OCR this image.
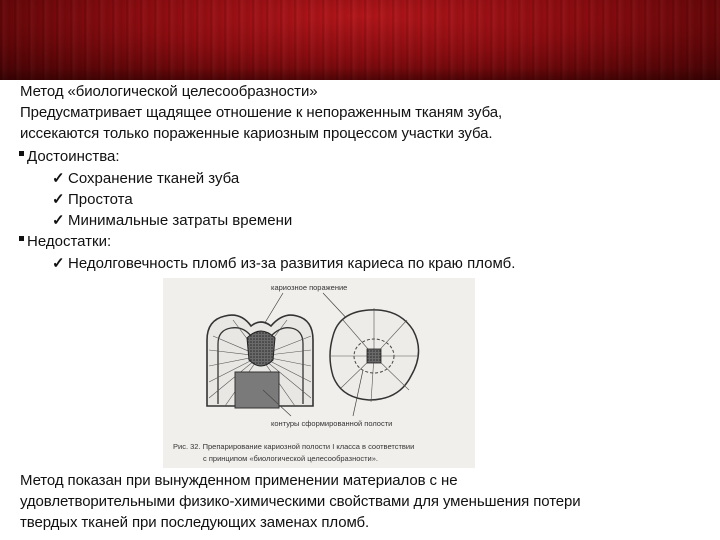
Метод «биологической целесообразности»
Предусматривает щадящее отношение к непораженным тканям зуба,
иссекаются только пораженные кариозным процессом участки зуба.
Достоинства:
✓ Сохранение тканей зуба
✓ Простота
✓ Минимальные затраты времени
Недостатки:
✓ Недолговечность пломб из-за развития кариеса по краю пломб.
кариозное поражение
контуры сформированной полости
Рис. 32. Препарирование кариозной полости I класса в соответствии
с принципом «биологической целесообразности».
Метод показан при вынужденном применении материалов с не
удовлетворительными физико-химическими свойствами для уменьшения потери
твердых тканей при последующих заменах пломб.
